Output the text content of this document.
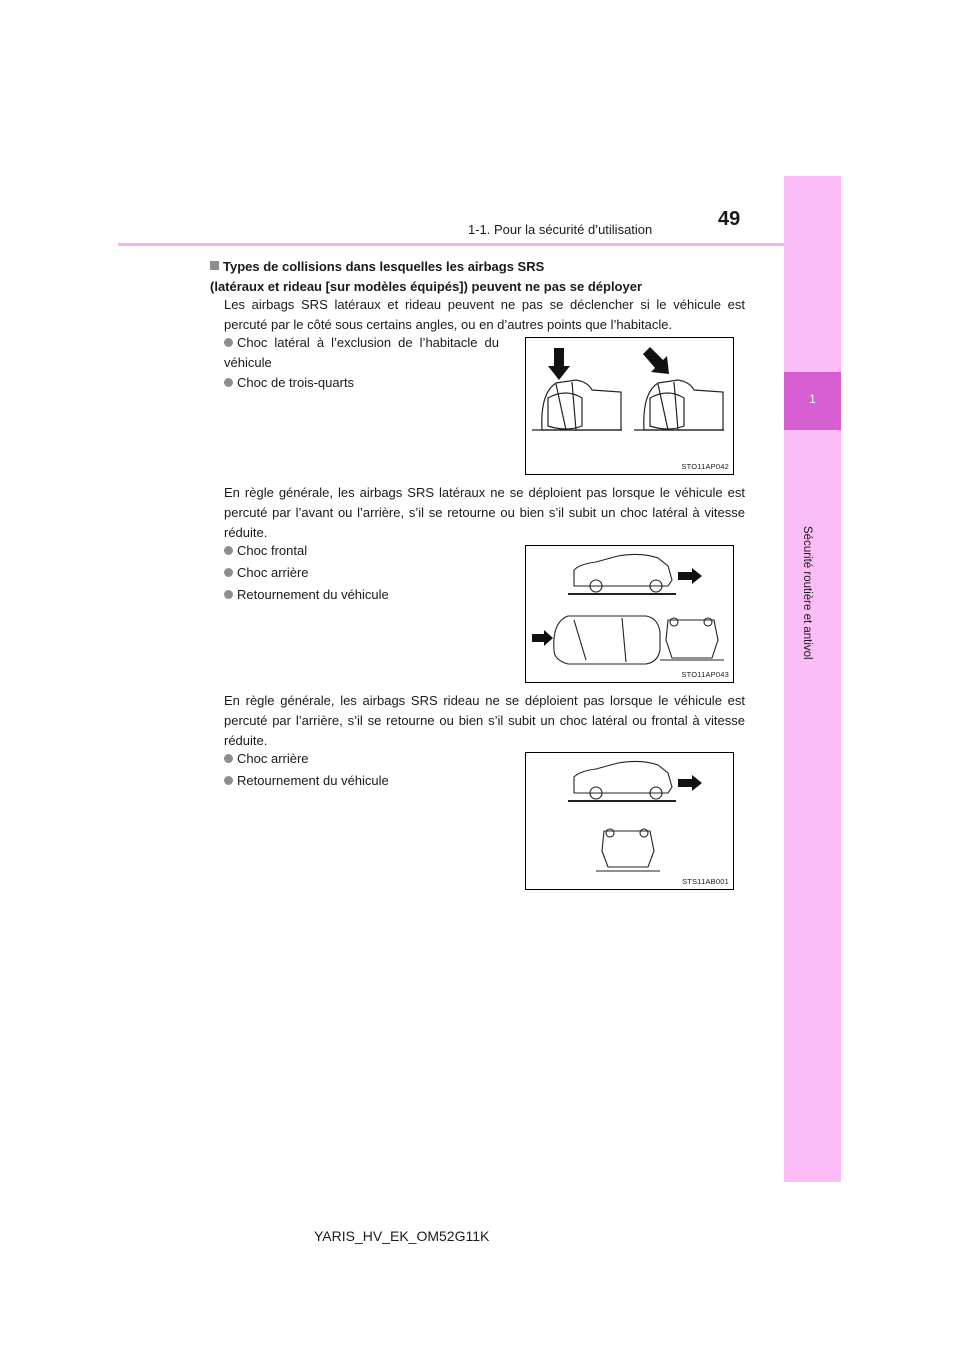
1
Sécurité routière et antivol
1-1. Pour la sécurité d’utilisation	49
Types de collisions dans lesquelles les airbags SRS
(latéraux et rideau [sur modèles équipés]) peuvent ne pas se déployer
Les airbags SRS latéraux et rideau peuvent ne pas se déclencher si le véhicule est percuté par le côté sous certains angles, ou en d’autres points que l’habitacle.
Choc latéral à l’exclusion de l’habitacle du véhicule
Choc de trois-quarts
STO11AP042
En règle générale, les airbags SRS latéraux ne se déploient pas lorsque le véhicule est percuté par l’avant ou l’arrière, s’il se retourne ou bien s’il subit un choc latéral à vitesse réduite.
Choc frontal
Choc arrière
Retournement du véhicule
STO11AP043
En règle générale, les airbags SRS rideau ne se déploient pas lorsque le véhicule est percuté par l’arrière, s’il se retourne ou bien s’il subit un choc latéral ou frontal à vitesse réduite.
Choc arrière
Retournement du véhicule
STS11AB001
YARIS_HV_EK_OM52G11K
